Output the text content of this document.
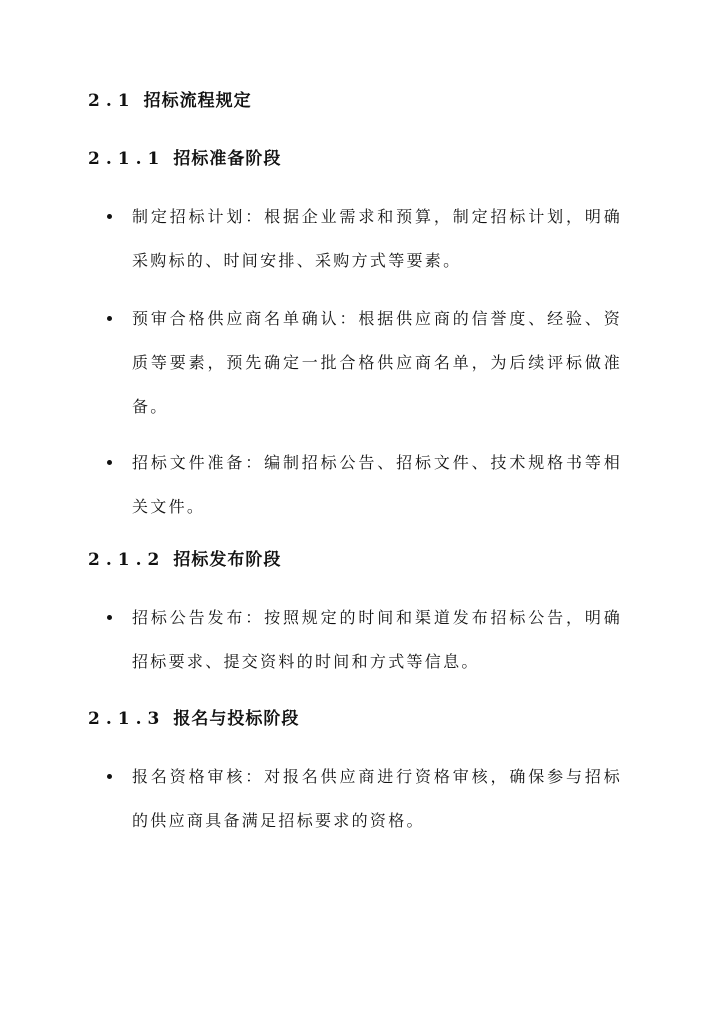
2.1 招标流程规定
2.1.1 招标准备阶段
制定招标计划：根据企业需求和预算，制定招标计划，明确采购标的、时间安排、采购方式等要素。
预审合格供应商名单确认：根据供应商的信誉度、经验、资质等要素，预先确定一批合格供应商名单，为后续评标做准备。
招标文件准备：编制招标公告、招标文件、技术规格书等相关文件。
2.1.2 招标发布阶段
招标公告发布：按照规定的时间和渠道发布招标公告，明确招标要求、提交资料的时间和方式等信息。
2.1.3 报名与投标阶段
报名资格审核：对报名供应商进行资格审核，确保参与招标的供应商具备满足招标要求的资格。
